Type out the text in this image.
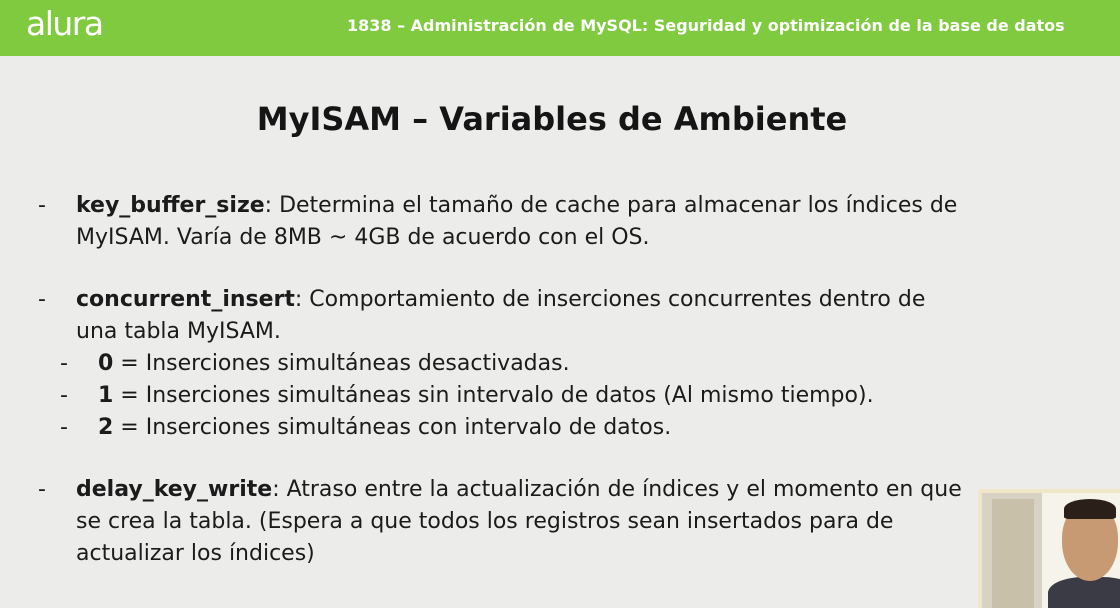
alura	1838 – Administración de MySQL: Seguridad y optimización de la base de datos
MyISAM – Variables de Ambiente
- key_buffer_size: Determina el tamaño de cache para almacenar los índices de
MyISAM. Varía de 8MB ~ 4GB de acuerdo con el OS.
- concurrent_insert: Comportamiento de inserciones concurrentes dentro de
una tabla MyISAM.
- 0 = Inserciones simultáneas desactivadas.
- 1 = Inserciones simultáneas sin intervalo de datos (Al mismo tiempo).
- 2 = Inserciones simultáneas con intervalo de datos.
- delay_key_write: Atraso entre la actualización de índices y el momento en que
se crea la tabla. (Espera a que todos los registros sean insertados para de
actualizar los índices)
